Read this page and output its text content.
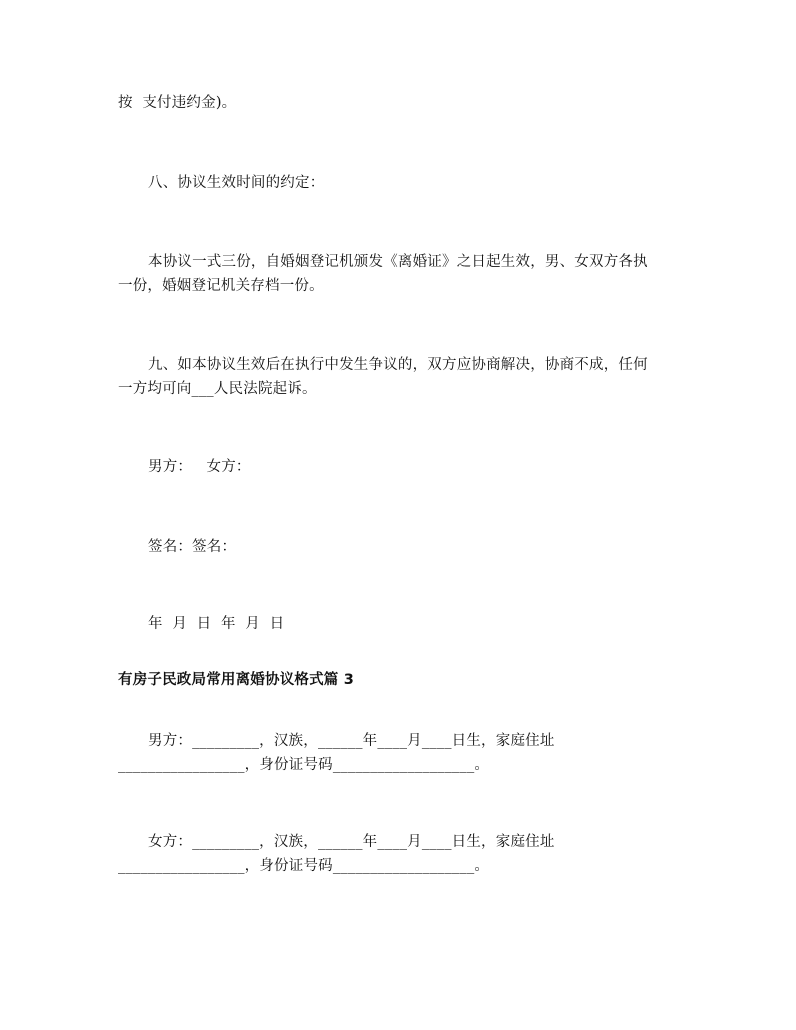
按  支付违约金)。
八、协议生效时间的约定：
本协议一式三份，自婚姻登记机颁发《离婚证》之日起生效，男、女双方各执
一份，婚姻登记机关存档一份。
九、如本协议生效后在执行中发生争议的，双方应协商解决，协商不成，任何
一方均可向___人民法院起诉。
男方：   女方：
签名：签名：
年  月  日  年  月  日
有房子民政局常用离婚协议格式篇 3
男方：_________，汉族，______年____月____日生，家庭住址
_________________，身份证号码___________________。
女方：_________，汉族，______年____月____日生，家庭住址
_________________，身份证号码___________________。
